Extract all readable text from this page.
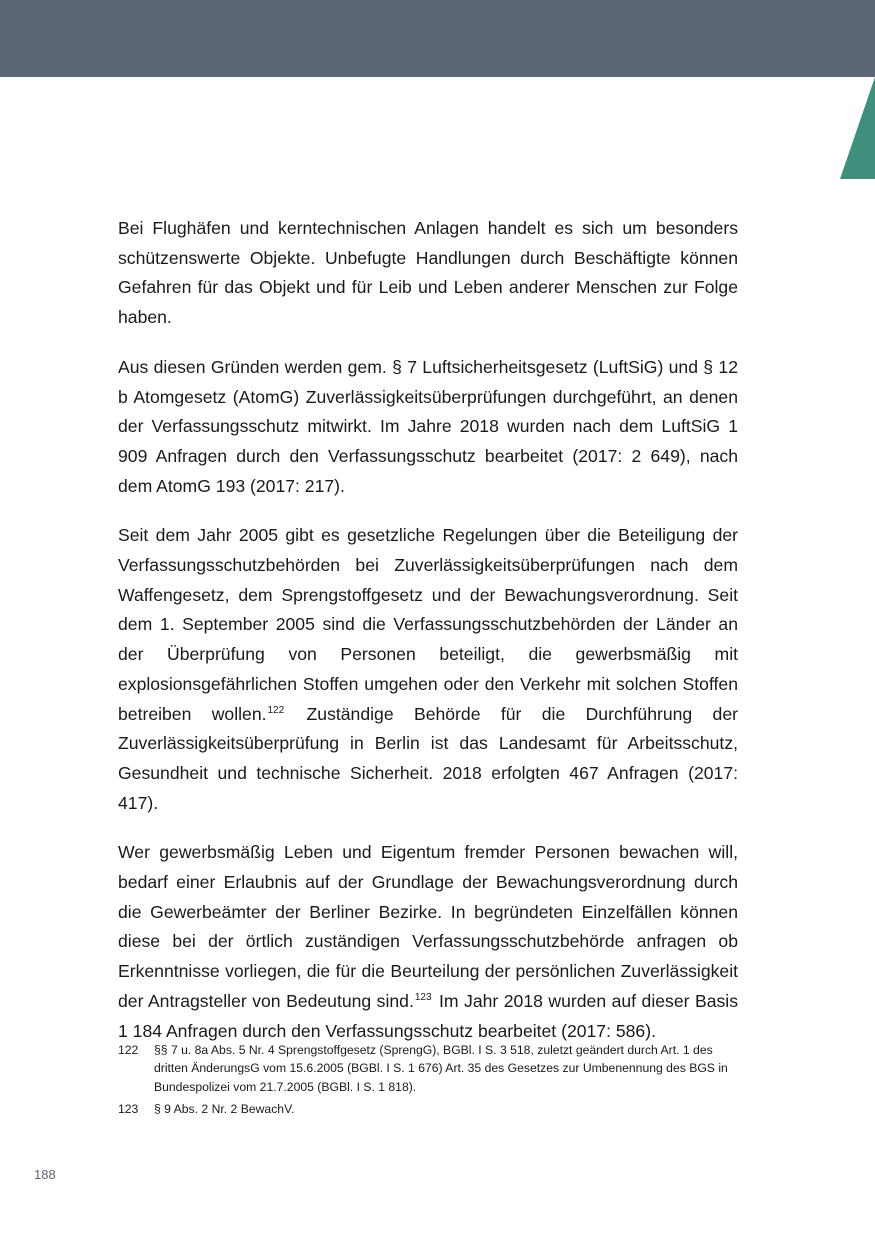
Bei Flughäfen und kerntechnischen Anlagen handelt es sich um besonders schützenswerte Objekte. Unbefugte Handlungen durch Beschäftigte können Gefahren für das Objekt und für Leib und Leben anderer Menschen zur Folge haben.

Aus diesen Gründen werden gem. § 7 Luftsicherheitsgesetz (LuftSiG) und § 12 b Atomgesetz (AtomG) Zuverlässigkeitsüberprüfungen durchgeführt, an denen der Verfassungsschutz mitwirkt. Im Jahre 2018 wurden nach dem LuftSiG 1 909 Anfragen durch den Verfassungsschutz bearbeitet (2017: 2 649), nach dem AtomG 193 (2017: 217).

Seit dem Jahr 2005 gibt es gesetzliche Regelungen über die Beteiligung der Verfassungsschutzbehörden bei Zuverlässigkeitsüberprüfungen nach dem Waffengesetz, dem Sprengstoffgesetz und der Bewachungsverordnung. Seit dem 1. September 2005 sind die Verfassungsschutzbehörden der Länder an der Überprüfung von Personen beteiligt, die gewerbsmäßig mit explosionsgefährlichen Stoffen umgehen oder den Verkehr mit solchen Stoffen betreiben wollen.$^{122}$ Zuständige Behörde für die Durchführung der Zuverlässigkeitsüberprüfung in Berlin ist das Landesamt für Arbeitsschutz, Gesundheit und technische Sicherheit. 2018 erfolgten 467 Anfragen (2017: 417).

Wer gewerbsmäßig Leben und Eigentum fremder Personen bewachen will, bedarf einer Erlaubnis auf der Grundlage der Bewachungsverordnung durch die Gewerbeämter der Berliner Bezirke. In begründeten Einzelfällen können diese bei der örtlich zuständigen Verfassungsschutzbehörde anfragen ob Erkenntnisse vorliegen, die für die Beurteilung der persönlichen Zuverlässigkeit der Antragsteller von Bedeutung sind.$^{123}$ Im Jahr 2018 wurden auf dieser Basis 1 184 Anfragen durch den Verfassungsschutz bearbeitet (2017: 586).

122	§§ 7 u. 8a Abs. 5 Nr. 4 Sprengstoffgesetz (SprengG), BGBl. I S. 3 518, zuletzt geändert durch Art. 1 des dritten ÄnderungsG vom 15.6.2005 (BGBl. I S. 1 676) Art. 35 des Gesetzes zur Umbenennung des BGS in Bundespolizei vom 21.7.2005 (BGBl. I S. 1 818).
123	§ 9 Abs. 2 Nr. 2 BewachV.
188
